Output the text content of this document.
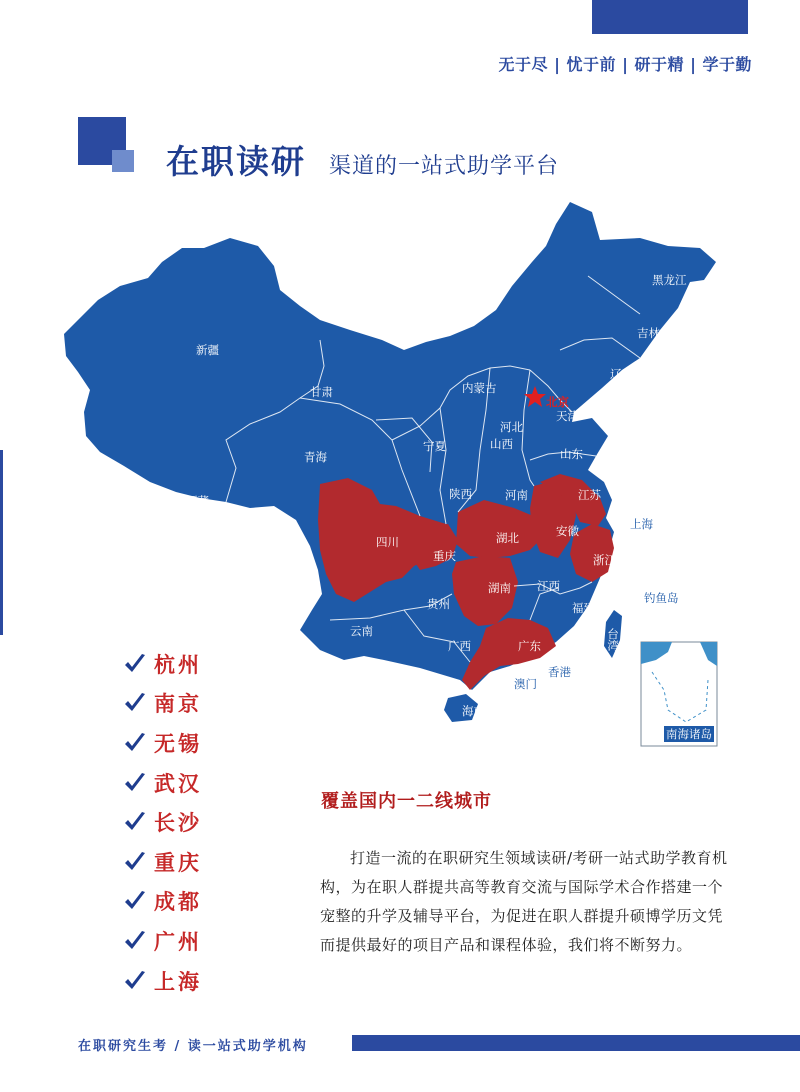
无于尽 | 忧于前 | 研于精 | 学于勤
在职读研 渠道的一站式助学平台
南海诸岛
新疆
西藏
青海
甘肃	内蒙古
黑龙江
吉林
辽宁
北京
天津
河北
山西
山东
宁夏
陕西	河南	江苏
上海
安徽
浙江
四川
重庆
湖北
湖南 江西
福建
台湾
贵州
云南
广西	广东
香港
澳门
海南
钓鱼岛
杭州
南京
无锡
武汉
长沙
重庆
成都
广州
上海
覆盖国内一二线城市
打造一流的在职研究生领域读研/考研一站式助学教育机构，为在职人群提共高等教育交流与国际学术合作搭建一个宠整的升学及辅导平台，为促进在职人群提升硕博学历文凭而提供最好的项目产品和课程体验，我们将不断努力。
在职研究生考 / 读一站式助学机构
